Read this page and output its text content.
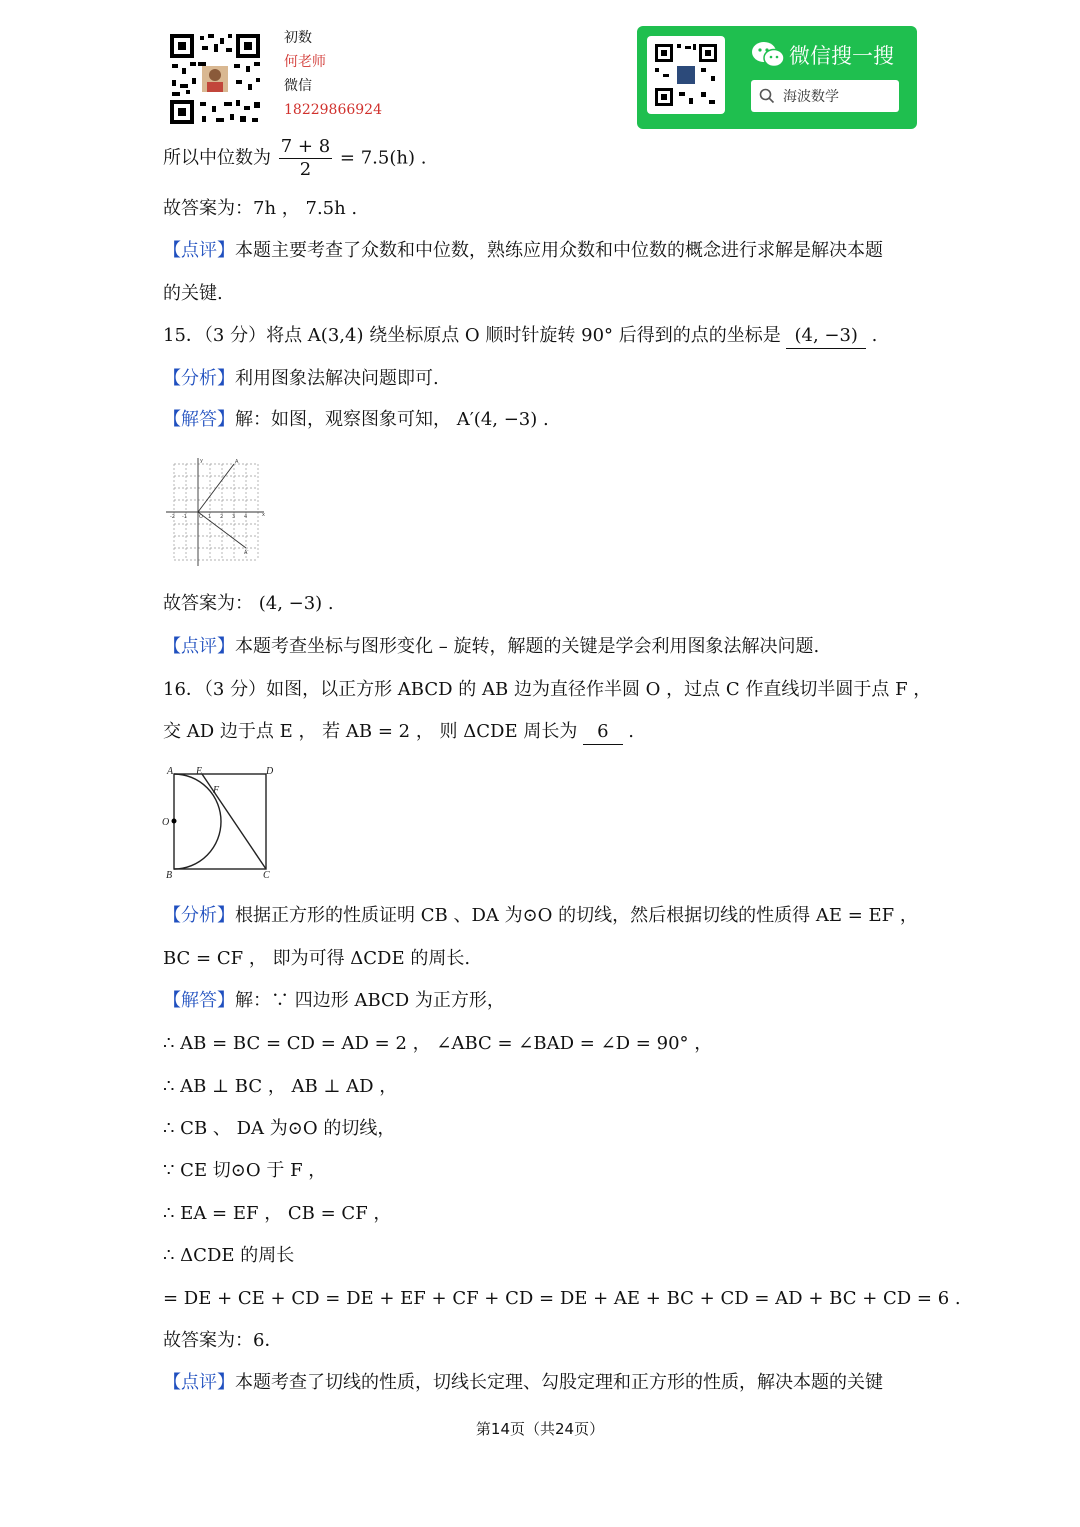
初数
何老师
微信
18229866924
微信搜一搜
海波数学
所以中位数为 $\frac{7 + 8}{2} = 7.5(h)$ .
故答案为：7h ， 7.5h .
【点评】本题主要考查了众数和中位数，熟练应用众数和中位数的概念进行求解是解决本题
的关键.
15．（3 分）将点 A(3,4) 绕坐标原点 O 顺时针旋转 90° 后得到的点的坐标是 (4, −3) .
【分析】利用图象法解决问题即可.
【解答】解：如图，观察图象可知， A′(4, −3) .
y
x
A
A′
O
-2 -1	1 2 3 4
故答案为： (4, −3) .
【点评】本题考查坐标与图形变化 – 旋转，解题的关键是学会利用图象法解决问题.
16．（3 分）如图，以正方形 ABCD 的 AB 边为直径作半圆 O ，过点 C 作直线切半圆于点 F ，
交 AD 边于点 E ， 若 AB = 2 ， 则 ΔCDE 周长为 6 .
A E	D
F
O
B	C
【分析】根据正方形的性质证明 CB 、DA 为⊙O 的切线，然后根据切线的性质得 AE = EF ，
BC = CF ， 即为可得 ΔCDE 的周长.
【解答】解：∵ 四边形 ABCD 为正方形，
∴ AB = BC = CD = AD = 2 ， ∠ABC = ∠BAD = ∠D = 90° ，
∴ AB ⊥ BC ， AB ⊥ AD ，
∴ CB 、 DA 为⊙O 的切线，
∵ CE 切⊙O 于 F ，
∴ EA = EF ， CB = CF ，
∴ ΔCDE 的周长
= DE + CE + CD = DE + EF + CF + CD = DE + AE + BC + CD = AD + BC + CD = 6 .
故答案为：6．
【点评】本题考查了切线的性质，切线长定理、勾股定理和正方形的性质，解决本题的关键
第14页（共24页）
